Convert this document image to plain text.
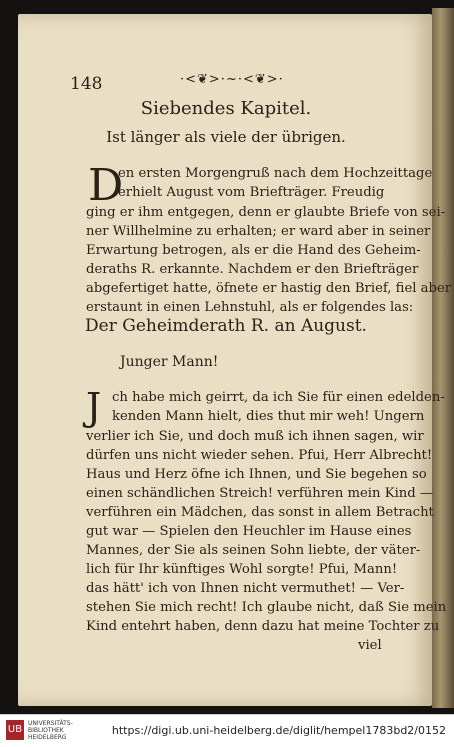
148	·<❦>·~·<❦>·
Siebendes Kapitel.
Ist länger als viele der übrigen.
D
en ersten Morgengruß nach dem Hochzeittage
erhielt August vom Briefträger. Freudig
ging er ihm entgegen, denn er glaubte Briefe von sei-
ner Willhelmine zu erhalten; er ward aber in seiner
Erwartung betrogen, als er die Hand des Geheim-
deraths R. erkannte. Nachdem er den Briefträger
abgefertiget hatte, öfnete er hastig den Brief, fiel aber
erstaunt in einen Lehnstuhl, als er folgendes las:
Der Geheimderath R. an August.
Junger Mann!
J ch habe mich geirrt, da ich Sie für einen edelden-
kenden Mann hielt, dies thut mir weh! Ungern
verlier ich Sie, und doch muß ich ihnen sagen, wir
dürfen uns nicht wieder sehen. Pfui, Herr Albrecht!
Haus und Herz öfne ich Ihnen, und Sie begehen so
einen schändlichen Streich! verführen mein Kind —
verführen ein Mädchen, das sonst in allem Betracht
gut war — Spielen den Heuchler im Hause eines
Mannes, der Sie als seinen Sohn liebte, der väter-
lich für Ihr künftiges Wohl sorgte! Pfui, Mann!
das hätt' ich von Ihnen nicht vermuthet! — Ver-
stehen Sie mich recht! Ich glaube nicht, daß Sie mein
Kind entehrt haben, denn dazu hat meine Tochter zu
viel
UB
UNIVERSITÄTS-
BIBLIOTHEK
HEIDELBERG
https://digi.ub.uni-heidelberg.de/diglit/hempel1783bd2/0152
